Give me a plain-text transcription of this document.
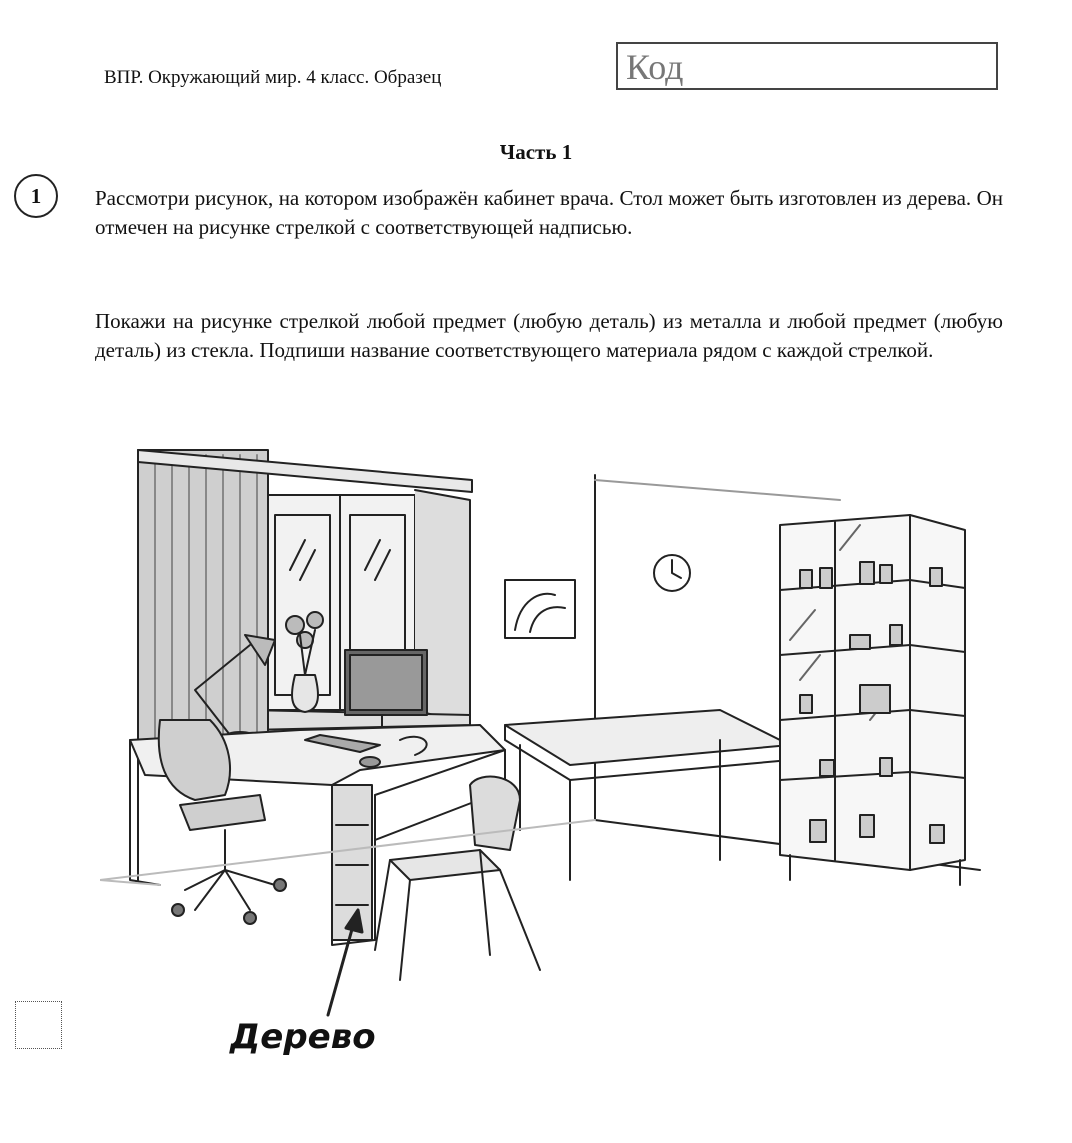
ВПР. Окружающий мир. 4 класс. Образец	Код
Часть 1
1	Рассмотри рисунок, на котором изображён кабинет врача. Стол может быть изготовлен из дерева. Он отмечен на рисунке стрелкой с соответствующей надписью.

Покажи на рисунке стрелкой любой предмет (любую деталь) из металла и любой предмет (любую деталь) из стекла. Подпиши название соответствующего материала рядом с каждой стрелкой.

Дерево
